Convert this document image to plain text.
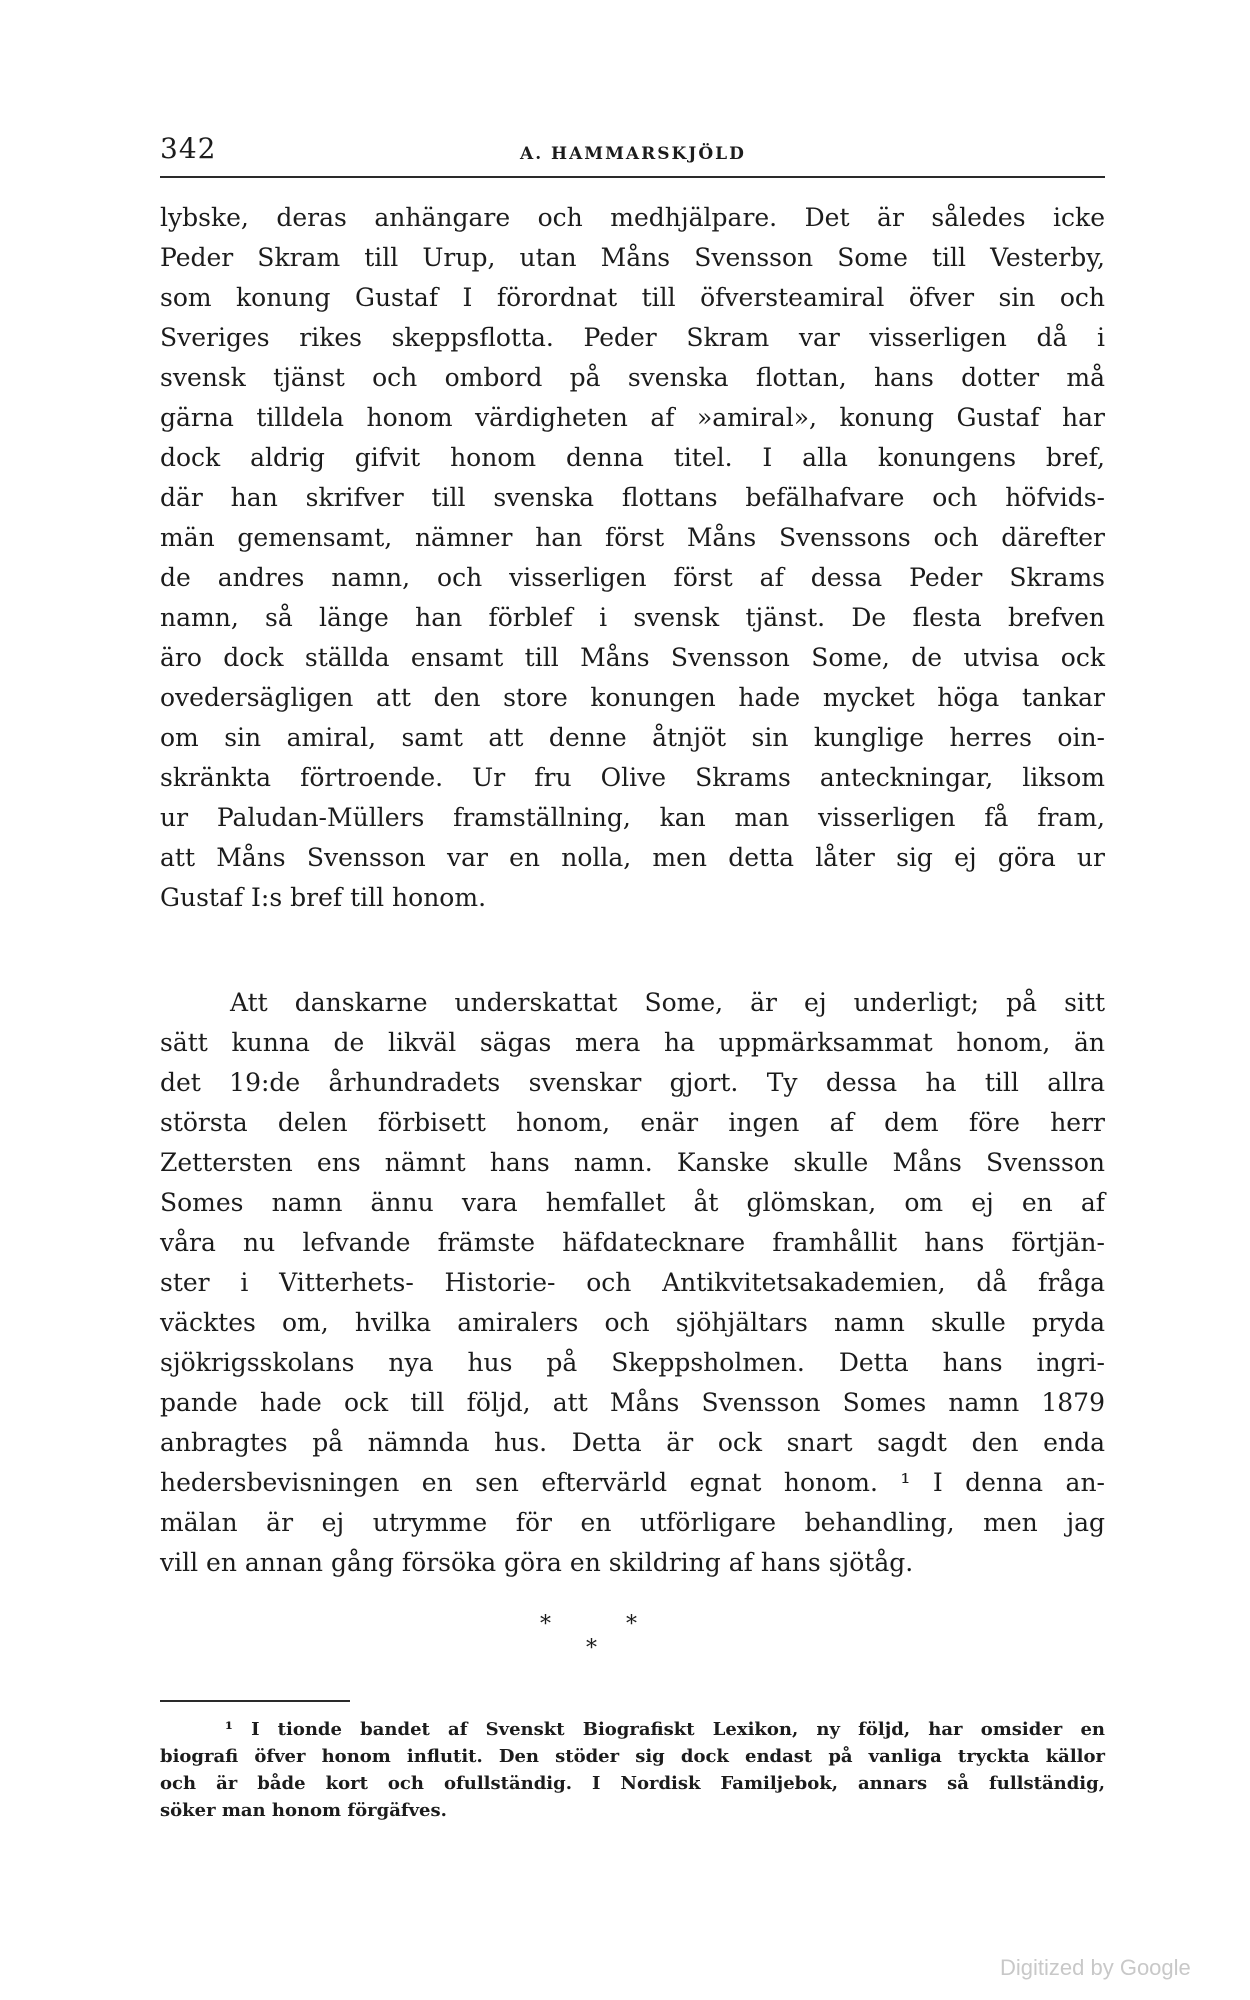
342	A. HAMMARSKJÖLD
lybske, deras anhängare och medhjälpare. Det är således icke
Peder Skram till Urup, utan Måns Svensson Some till Vesterby,
som konung Gustaf I förordnat till öfversteamiral öfver sin och
Sveriges rikes skeppsflotta. Peder Skram var visserligen då i
svensk tjänst och ombord på svenska flottan, hans dotter må
gärna tilldela honom värdigheten af »amiral», konung Gustaf har
dock aldrig gifvit honom denna titel. I alla konungens bref,
där han skrifver till svenska flottans befälhafvare och höfvids-
män gemensamt, nämner han först Måns Svenssons och därefter
de andres namn, och visserligen först af dessa Peder Skrams
namn, så länge han förblef i svensk tjänst. De flesta brefven
äro dock ställda ensamt till Måns Svensson Some, de utvisa ock
ovedersägligen att den store konungen hade mycket höga tankar
om sin amiral, samt att denne åtnjöt sin kunglige herres oin-
skränkta förtroende. Ur fru Olive Skrams anteckningar, liksom
ur Paludan-Müllers framställning, kan man visserligen få fram,
att Måns Svensson var en nolla, men detta låter sig ej göra ur
Gustaf I:s bref till honom.
Att danskarne underskattat Some, är ej underligt; på sitt
sätt kunna de likväl sägas mera ha uppmärksammat honom, än
det 19:de århundradets svenskar gjort. Ty dessa ha till allra
största delen förbisett honom, enär ingen af dem före herr
Zettersten ens nämnt hans namn. Kanske skulle Måns Svensson
Somes namn ännu vara hemfallet åt glömskan, om ej en af
våra nu lefvande främste häfdatecknare framhållit hans förtjän-
ster i Vitterhets- Historie- och Antikvitetsakademien, då fråga
väcktes om, hvilka amiralers och sjöhjältars namn skulle pryda
sjökrigsskolans nya hus på Skeppsholmen. Detta hans ingri-
pande hade ock till följd, att Måns Svensson Somes namn 1879
anbragtes på nämnda hus. Detta är ock snart sagdt den enda
hedersbevisningen en sen eftervärld egnat honom. ¹ I denna an-
mälan är ej utrymme för en utförligare behandling, men jag
vill en annan gång försöka göra en skildring af hans sjötåg.
*	*
*
¹ I tionde bandet af Svenskt Biografiskt Lexikon, ny följd, har omsider en
biografi öfver honom influtit. Den stöder sig dock endast på vanliga tryckta källor
och är både kort och ofullständig. I Nordisk Familjebok, annars så fullständig,
söker man honom förgäfves.
Digitized by Google
